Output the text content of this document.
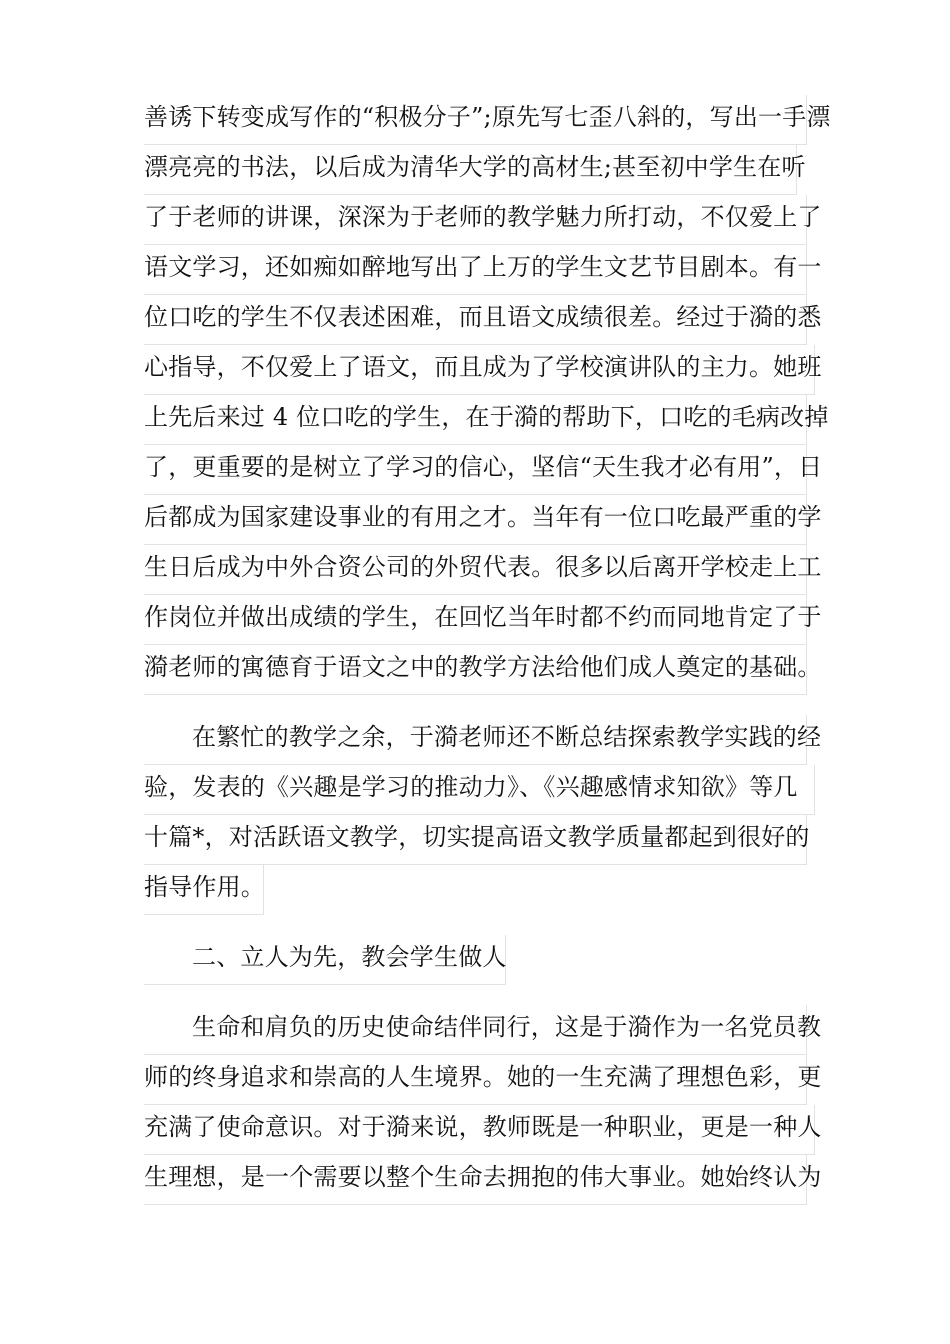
善诱下转变成写作的“积极分子”;原先写七歪八斜的，写出一手漂
漂亮亮的书法，以后成为清华大学的高材生;甚至初中学生在听
了于老师的讲课，深深为于老师的教学魅力所打动，不仅爱上了
语文学习，还如痴如醉地写出了上万的学生文艺节目剧本。有一
位口吃的学生不仅表述困难，而且语文成绩很差。经过于漪的悉
心指导，不仅爱上了语文，而且成为了学校演讲队的主力。她班
上先后来过 4 位口吃的学生，在于漪的帮助下，口吃的毛病改掉
了，更重要的是树立了学习的信心，坚信“天生我才必有用”，日
后都成为国家建设事业的有用之才。当年有一位口吃最严重的学
生日后成为中外合资公司的外贸代表。很多以后离开学校走上工
作岗位并做出成绩的学生，在回忆当年时都不约而同地肯定了于
漪老师的寓德育于语文之中的教学方法给他们成人奠定的基础。
在繁忙的教学之余，于漪老师还不断总结探索教学实践的经
验，发表的《兴趣是学习的推动力》、《兴趣感情求知欲》等几
十篇*，对活跃语文教学，切实提高语文教学质量都起到很好的
指导作用。
二、立人为先，教会学生做人
生命和肩负的历史使命结伴同行，这是于漪作为一名党员教
师的终身追求和崇高的人生境界。她的一生充满了理想色彩，更
充满了使命意识。对于漪来说，教师既是一种职业，更是一种人
生理想，是一个需要以整个生命去拥抱的伟大事业。她始终认为
